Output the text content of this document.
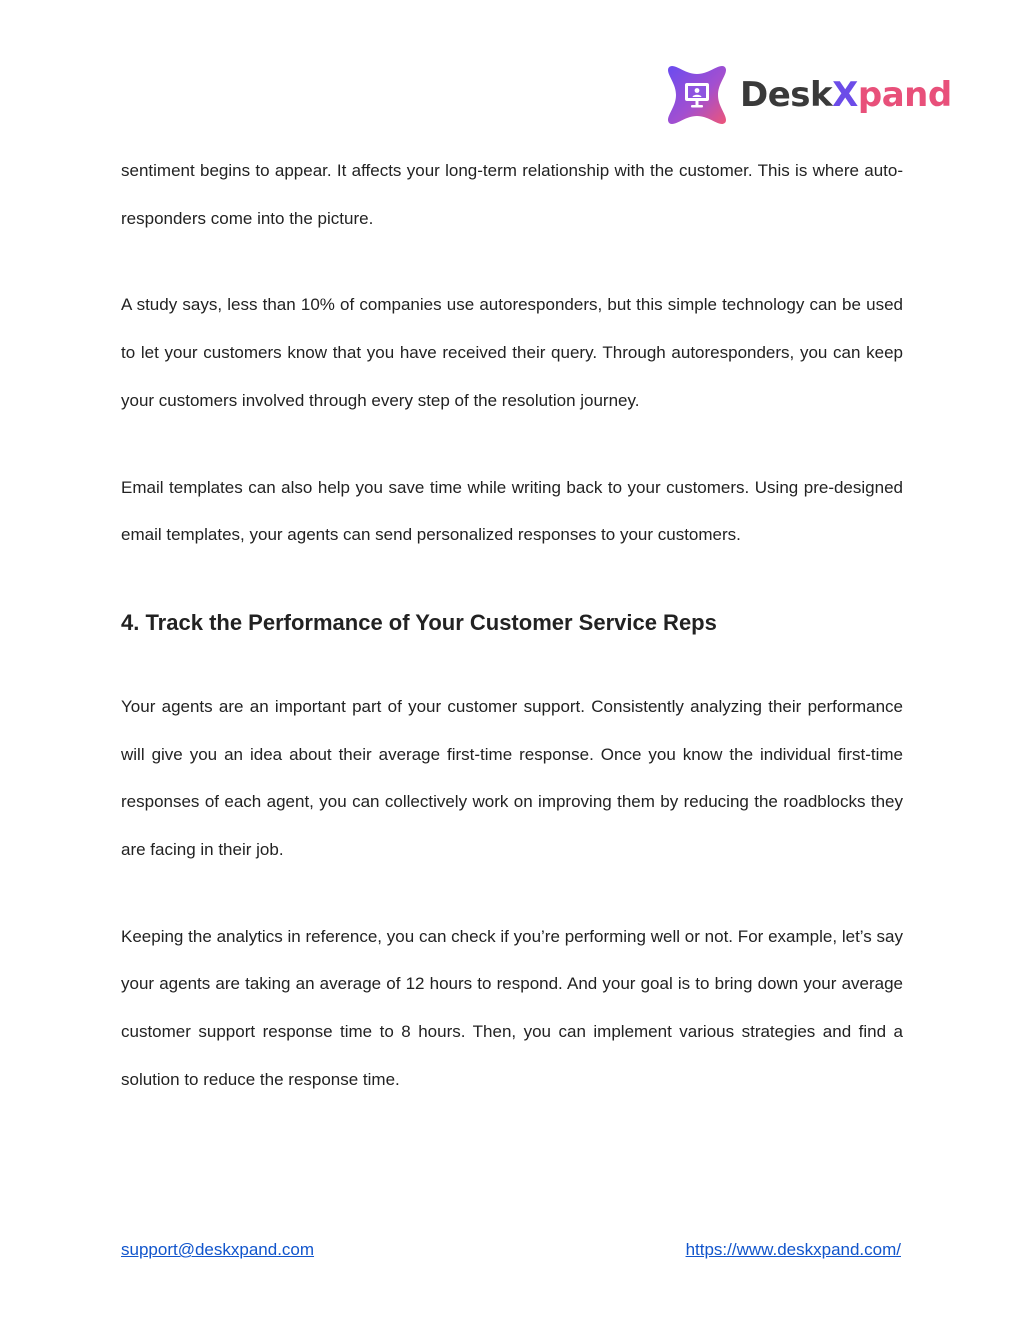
DeskXpand

sentiment begins to appear. It affects your long-term relationship with the customer. This is where auto-responders come into the picture.

A study says, less than 10% of companies use autoresponders, but this simple technology can be used to let your customers know that you have received their query. Through autoresponders, you can keep your customers involved through every step of the resolution journey.

Email templates can also help you save time while writing back to your customers. Using pre-designed email templates, your agents can send personalized responses to your customers.

4. Track the Performance of Your Customer Service Reps

Your agents are an important part of your customer support. Consistently analyzing their performance will give you an idea about their average first-time response. Once you know the individual first-time responses of each agent, you can collectively work on improving them by reducing the roadblocks they are facing in their job.

Keeping the analytics in reference, you can check if you’re performing well or not. For example, let’s say your agents are taking an average of 12 hours to respond. And your goal is to bring down your average customer support response time to 8 hours. Then, you can implement various strategies and find a solution to reduce the response time.

support@deskxpand.com	https://www.deskxpand.com/
